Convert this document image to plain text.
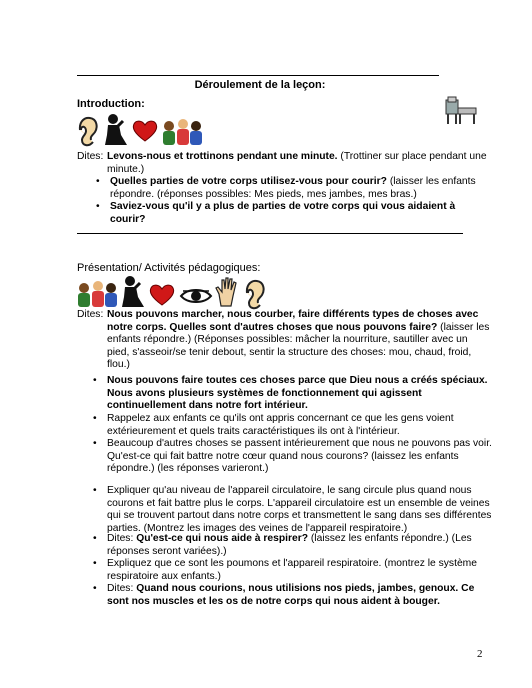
Déroulement de la leçon:
Introduction:
Dites: Levons-nous et trottinons pendant une minute. (Trottiner sur place pendant une minute.)
• Quelles parties de votre corps utilisez-vous pour courir? (laisser les enfants répondre. (réponses possibles: Mes pieds, mes jambes, mes bras.)
• Saviez-vous qu'il y a plus de parties de votre corps qui vous aidaient à courir?
Présentation/ Activités pédagogiques:
Dites: Nous pouvons marcher, nous courber, faire différents types de choses avec notre corps. Quelles sont d'autres choses que nous pouvons faire? (laisser les enfants répondre.) (Réponses possibles: mâcher la nourriture, sautiller avec un pied, s'asseoir/se tenir debout, sentir la structure des choses: mou, chaud, froid, flou.)
• Nous pouvons faire toutes ces choses parce que Dieu nous a créés spéciaux. Nous avons plusieurs systèmes de fonctionnement qui agissent continuellement dans notre fort intérieur.
• Rappelez aux enfants ce qu'ils ont appris concernant ce que les gens voient extérieurement et quels traits caractéristiques ils ont à l'intérieur.
• Beaucoup d'autres choses se passent intérieurement que nous ne pouvons pas voir. Qu'est-ce qui fait battre notre cœur quand nous courons? (laissez les enfants répondre.) (les réponses varieront.)
• Expliquer qu'au niveau de l'appareil circulatoire, le sang circule plus quand nous courons et fait battre plus le corps. L'appareil circulatoire est un ensemble de veines qui se trouvent partout dans notre corps et transmettent le sang dans ses différentes parties. (Montrez les images des veines de l'appareil respiratoire.)
• Dites: Qu'est-ce qui nous aide à respirer? (laissez les enfants répondre.) (Les réponses seront variées).)
• Expliquez que ce sont les poumons et l'appareil respiratoire. (montrez le système respiratoire aux enfants.)
• Dites: Quand nous courions, nous utilisions nos pieds, jambes, genoux. Ce sont nos muscles et les os de notre corps qui nous aident à bouger.
2
